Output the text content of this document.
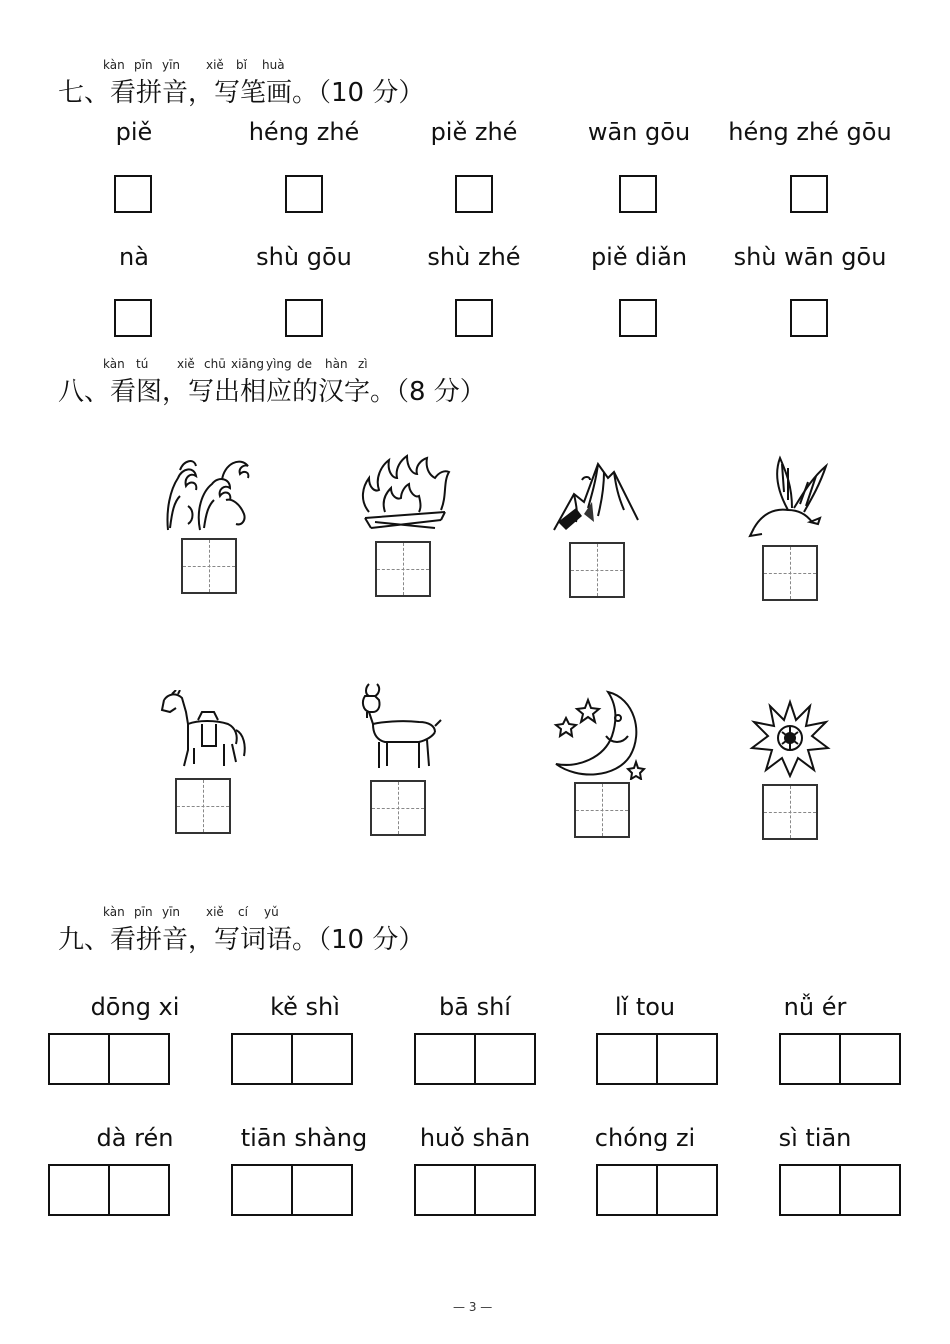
kàn pīn yīn xiě bǐ huà
七、看拼音，写笔画。（10 分）
piě	héng zhé	piě zhé	wān gōu	héng zhé gōu
nà	shù gōu	shù zhé	piě diǎn	shù wān gōu
kàn tú xiě chū xiāng yìng de hàn zì
八、看图，写出相应的汉字。（8 分）
kàn pīn yīn xiě cí yǔ
九、看拼音，写词语。（10 分）
dōng xi	kě shì	bā shí	lǐ tou	nǚ ér
dà rén	tiān shàng	huǒ shān	chóng zi	sì tiān
— 3 —
